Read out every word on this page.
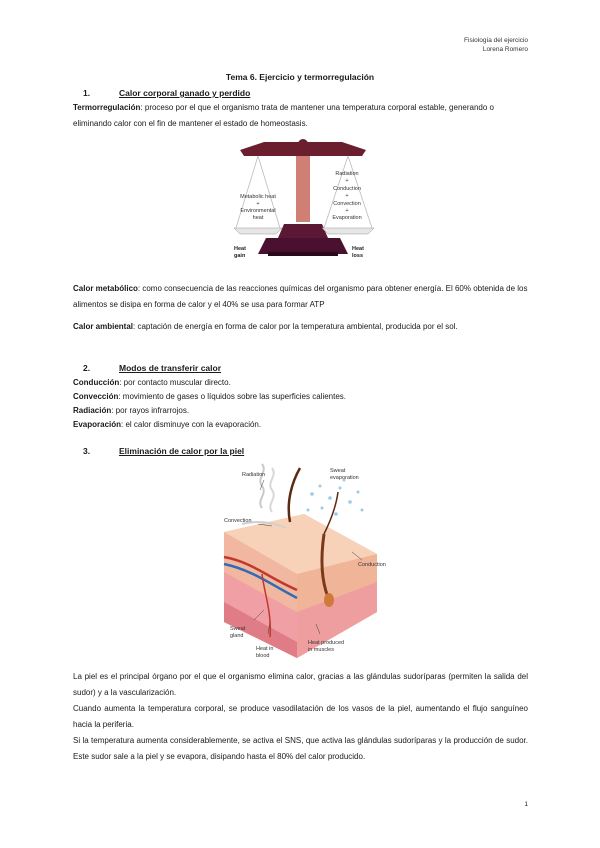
Fisiología del ejercicio
Lorena Romero
Tema 6. Ejercicio y termorregulación
1.	Calor corporal ganado y perdido
Termorregulación: proceso por el que el organismo trata de mantener una temperatura corporal estable, generando o eliminando calor con el fin de mantener el estado de homeostasis.
Metabolic heat
+
Environmental
heat
Radiation
+
Conduction
+
Convection
+
Evaporation
Heat
gain
Heat
loss
Calor metabólico: como consecuencia de las reacciones químicas del organismo para obtener energía. El 60% obtenida de los alimentos se disipa en forma de calor y el 40% se usa para formar ATP
Calor ambiental: captación de energía en forma de calor por la temperatura ambiental, producida por el sol.
2.	Modos de transferir calor
Conducción: por contacto muscular directo.
Convección: movimiento de gases o líquidos sobre las superficies calientes.
Radiación: por rayos infrarrojos.
Evaporación: el calor disminuye con la evaporación.
3.	Eliminación de calor por la piel
Radiation
Sweat
evaporation
Convection
Conduction
Sweat
gland
Heat in
blood
Heat produced
in muscles
La piel es el principal órgano por el que el organismo elimina calor, gracias a las glándulas sudoríparas (permiten la salida del sudor) y a la vascularización.
Cuando aumenta la temperatura corporal, se produce vasodilatación de los vasos de la piel, aumentando el flujo sanguíneo hacia la periferia.
Si la temperatura aumenta considerablemente, se activa el SNS, que activa las glándulas sudoríparas y la producción de sudor. Este sudor sale a la piel y se evapora, disipando hasta el 80% del calor producido.
1
